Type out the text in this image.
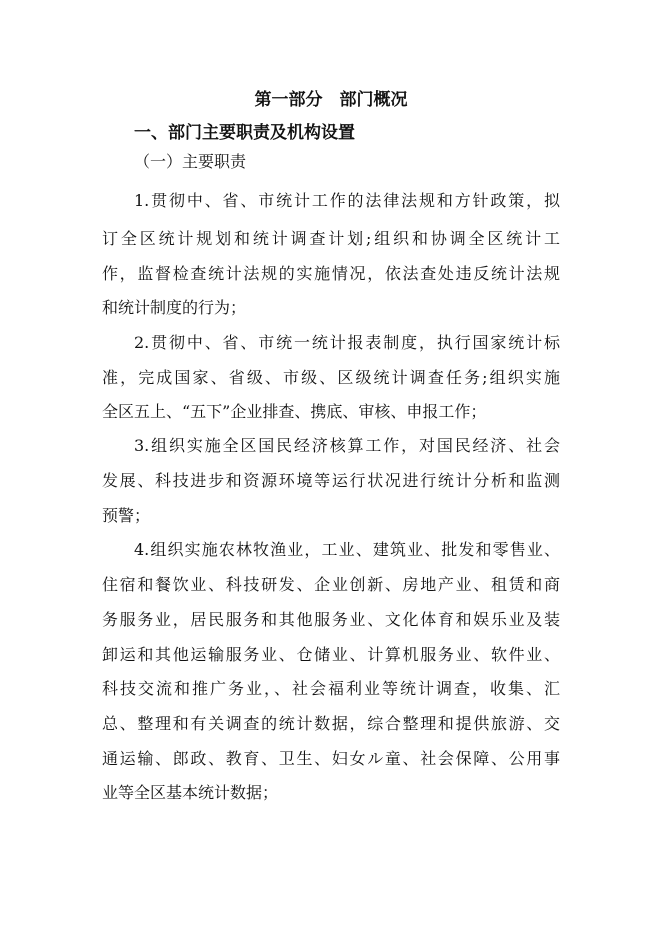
第一部分　部门概况
一、部门主要职责及机构设置
（一）主要职责
1.贯彻中、省、市统计工作的法律法规和方针政策，拟
订全区统计规划和统计调查计划;组织和协调全区统计工
作，监督检查统计法规的实施情况，依法查处违反统计法规
和统计制度的行为；
2.贯彻中、省、市统一统计报表制度，执行国家统计标
准，完成国家、省级、市级、区级统计调查任务;组织实施
全区五上、“五下”企业排查、携底、审核、申报工作；
3.组织实施全区国民经济核算工作，对国民经济、社会
发展、科技进步和资源环境等运行状况进行统计分析和监测
预警；
4.组织实施农林牧渔业，工业、建筑业、批发和零售业、
住宿和餐饮业、科技研发、企业创新、房地产业、租赁和商
务服务业，居民服务和其他服务业、文化体育和娱乐业及装
卸运和其他运输服务业、仓储业、计算机服务业、软件业、
科技交流和推广务业，、社会福利业等统计调查，收集、汇
总、整理和有关调查的统计数据，综合整理和提供旅游、交
通运输、郎政、教育、卫生、妇女ル童、社会保障、公用事
业等全区基本统计数据；
